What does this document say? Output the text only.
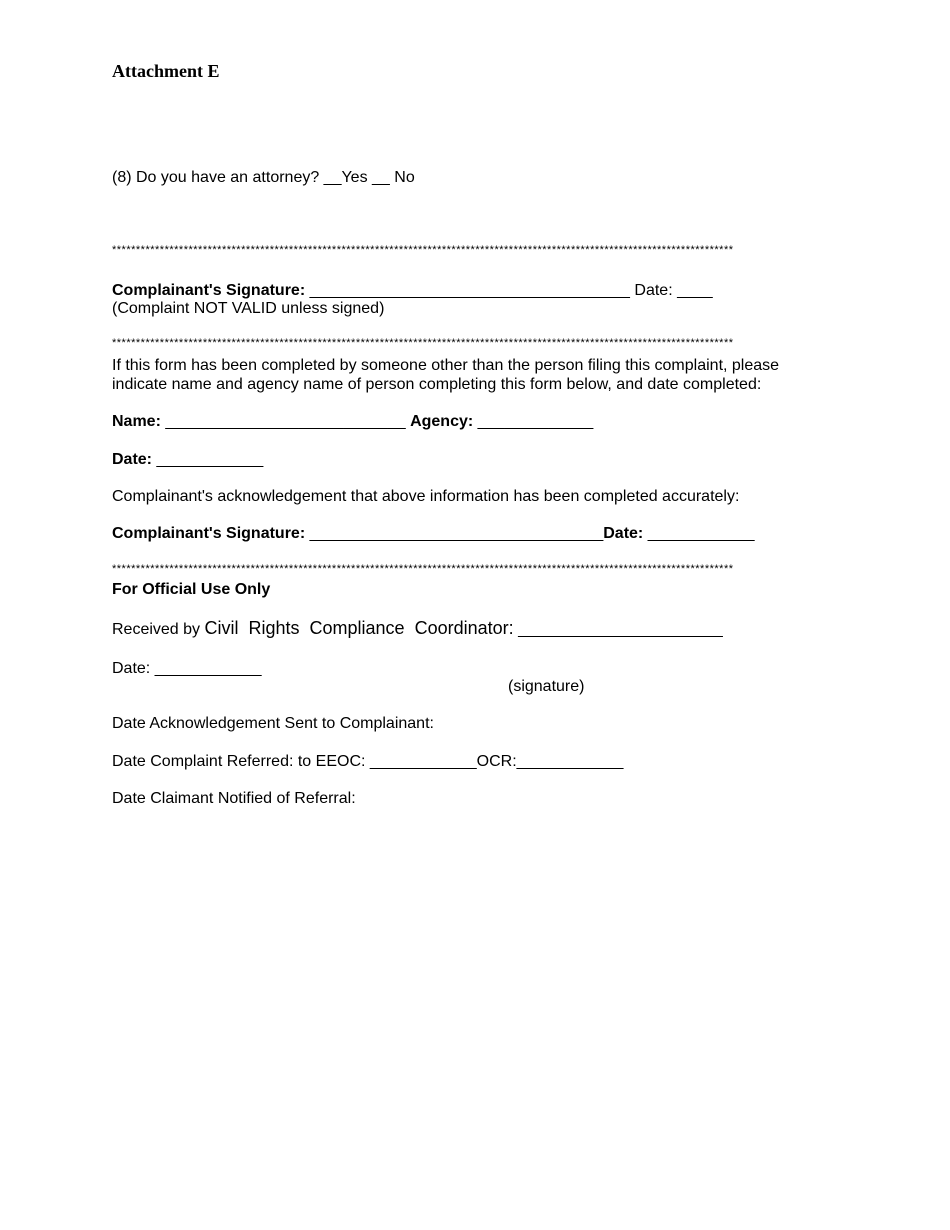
Attachment E
(8) Do you have an attorney? __Yes __ No
**********************************************************************************************************************************
Complainant's Signature: ____________________________________ Date: ____
(Complaint NOT VALID unless signed)
**********************************************************************************************************************************
If this form has been completed by someone other than the person filing this complaint, please
indicate name and agency name of person completing this form below, and date completed:
Name: ___________________________ Agency: _____________
Date: ____________
Complainant's acknowledgement that above information has been completed accurately:
Complainant's Signature: _________________________________Date: ____________
**********************************************************************************************************************************
For Official Use Only
Received by Civil  Rights  Compliance  Coordinator: _______________________
Date: ____________
(signature)
Date Acknowledgement Sent to Complainant:
Date Complaint Referred: to EEOC: ____________OCR:____________
Date Claimant Notified of Referral:
